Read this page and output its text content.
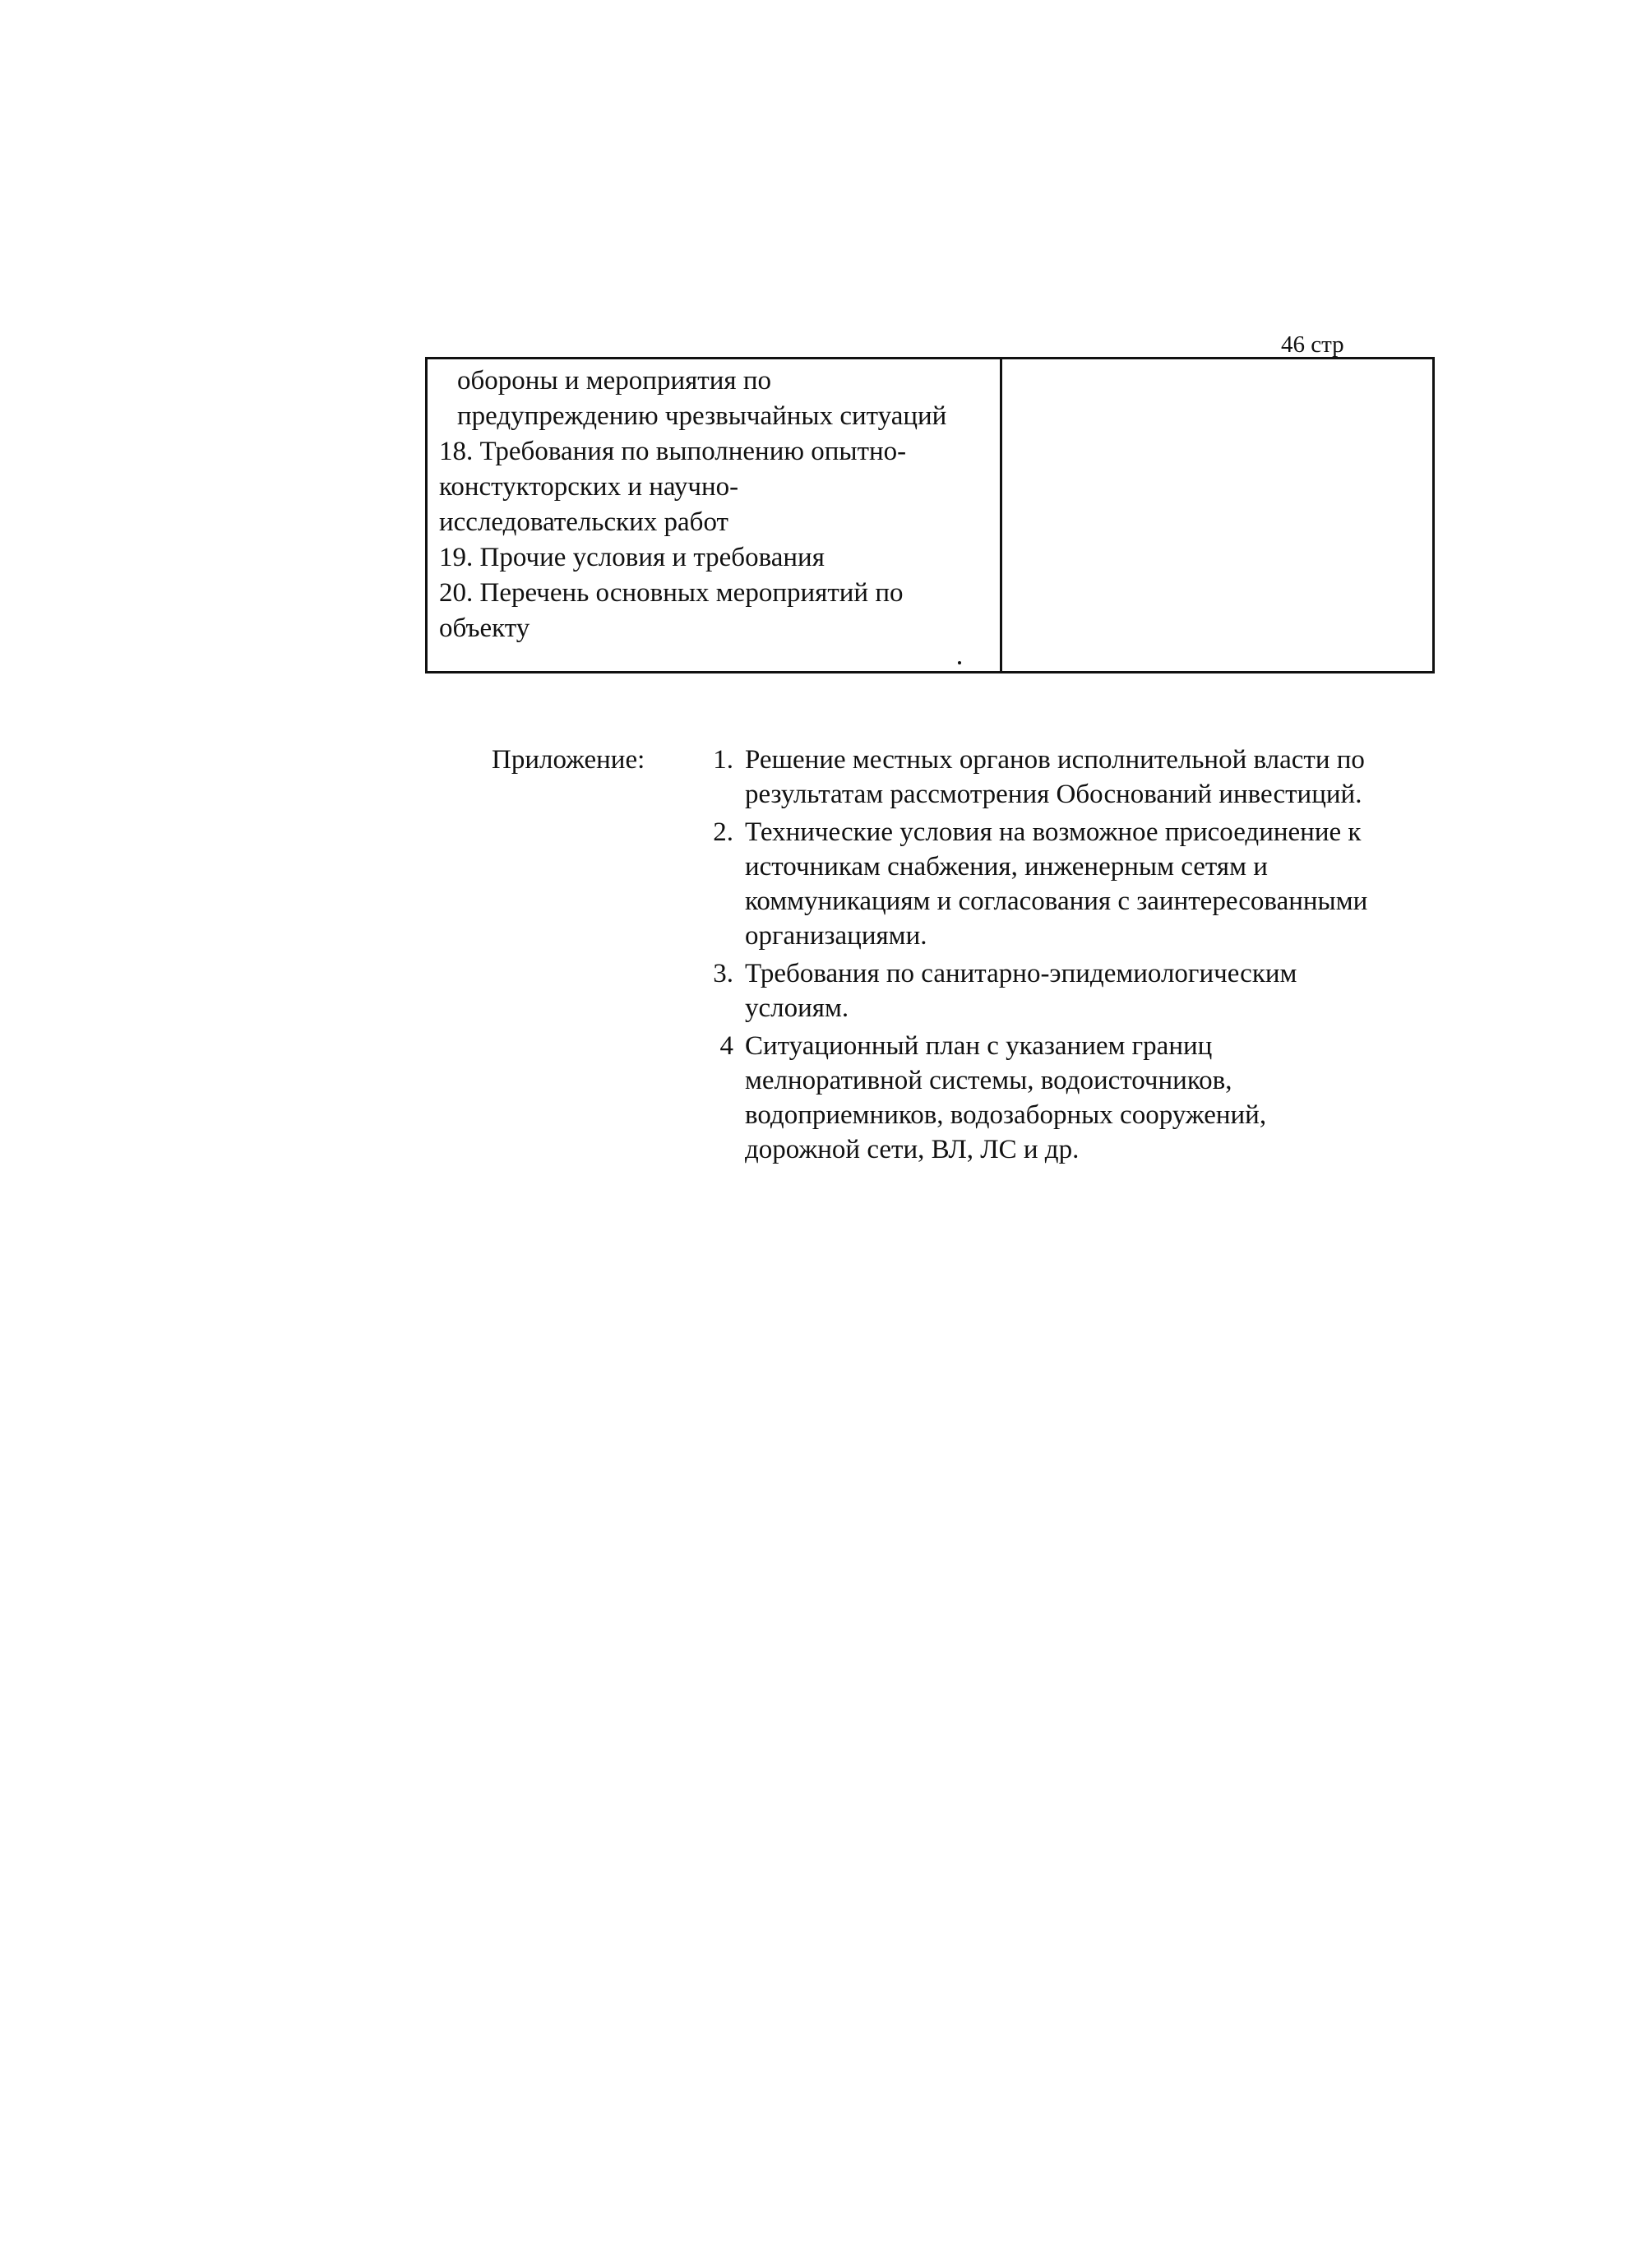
46 стр
обороны и мероприятия по
предупреждению чрезвычайных ситуаций
18. Требования по выполнению опытно-
констукторских и научно-
исследовательских работ
19. Прочие условия и требования
20. Перечень основных мероприятий по
объекту
Приложение:	1. Решение местных органов исполнительной власти по
результатам рассмотрения Обоснований инвестиций.
2. Технические условия на возможное присоединение к
источникам снабжения, инженерным сетям и
коммуникациям и согласования с заинтересованными
организациями.
3. Требования по санитарно-эпидемиологическим
услоиям.
4 Ситуационный план с указанием границ
мелноративной системы, водоисточников,
водоприемников, водозаборных сооружений,
дорожной сети, ВЛ, ЛС и др.
